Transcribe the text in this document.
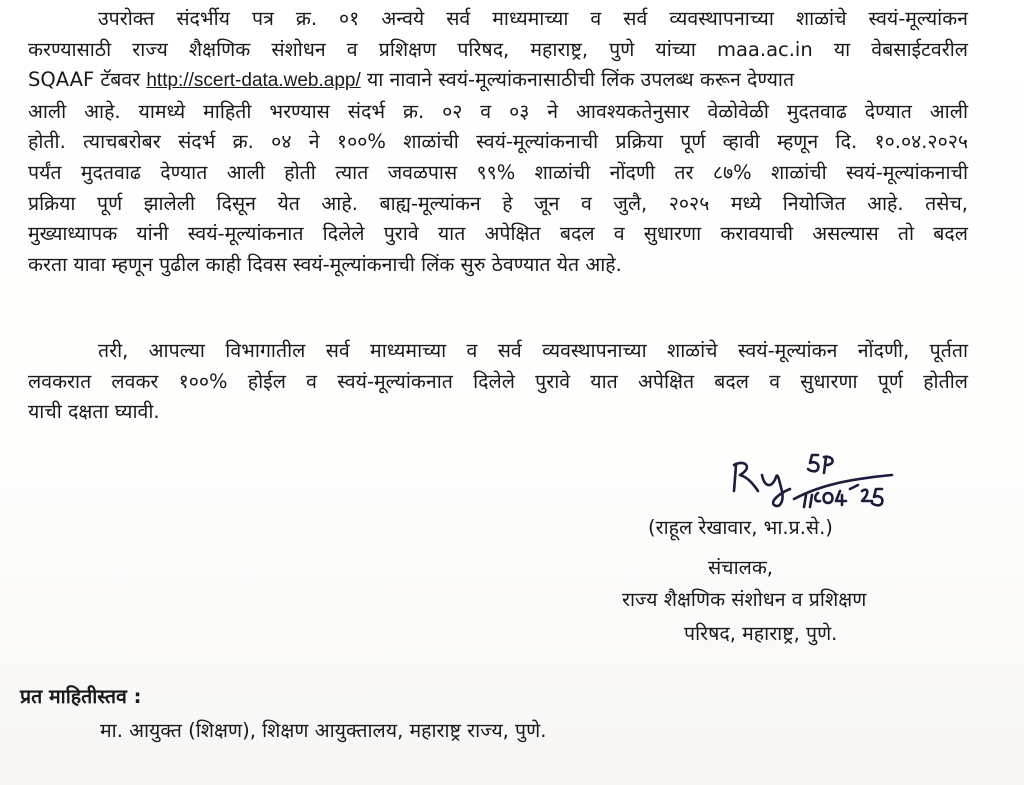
उपरोक्त संदर्भीय पत्र क्र. ०१ अन्वये सर्व माध्यमाच्या व सर्व व्यवस्थापनाच्या शाळांचे स्वयं-मूल्यांकन
करण्यासाठी राज्य शैक्षणिक संशोधन व प्रशिक्षण परिषद, महाराष्ट्र, पुणे यांच्या maa.ac.in या वेबसाईटवरील
SQAAF टॅबवर http://scert-data.web.app/ या नावाने स्वयं-मूल्यांकनासाठीची लिंक उपलब्ध करून देण्यात
आली आहे. यामध्ये माहिती भरण्यास संदर्भ क्र. ०२ व ०३ ने आवश्यकतेनुसार वेळोवेळी मुदतवाढ देण्यात आली
होती. त्याचबरोबर संदर्भ क्र. ०४ ने १००% शाळांची स्वयं-मूल्यांकनाची प्रक्रिया पूर्ण व्हावी म्हणून दि. १०.०४.२०२५
पर्यंत मुदतवाढ देण्यात आली होती त्यात जवळपास ९९% शाळांची नोंदणी तर ८७% शाळांची स्वयं-मूल्यांकनाची
प्रक्रिया पूर्ण झालेली दिसून येत आहे. बाह्य-मूल्यांकन हे जून व जुलै, २०२५ मध्ये नियोजित आहे. तसेच,
मुख्याध्यापक यांनी स्वयं-मूल्यांकनात दिलेले पुरावे यात अपेक्षित बदल व सुधारणा करावयाची असल्यास तो बदल
करता यावा म्हणून पुढील काही दिवस स्वयं-मूल्यांकनाची लिंक सुरु ठेवण्यात येत आहे.
तरी, आपल्या विभागातील सर्व माध्यमाच्या व सर्व व्यवस्थापनाच्या शाळांचे स्वयं-मूल्यांकन नोंदणी, पूर्तता
लवकरात लवकर १००% होईल व स्वयं-मूल्यांकनात दिलेले पुरावे यात अपेक्षित बदल व सुधारणा पूर्ण होतील
याची दक्षता घ्यावी.
११/०४/२५
(राहूल रेखावार, भा.प्र.से.)
संचालक,
राज्य शैक्षणिक संशोधन व प्रशिक्षण
परिषद, महाराष्ट्र, पुणे.
प्रत माहितीस्तव :
मा. आयुक्त (शिक्षण), शिक्षण आयुक्तालय, महाराष्ट्र राज्य, पुणे.
